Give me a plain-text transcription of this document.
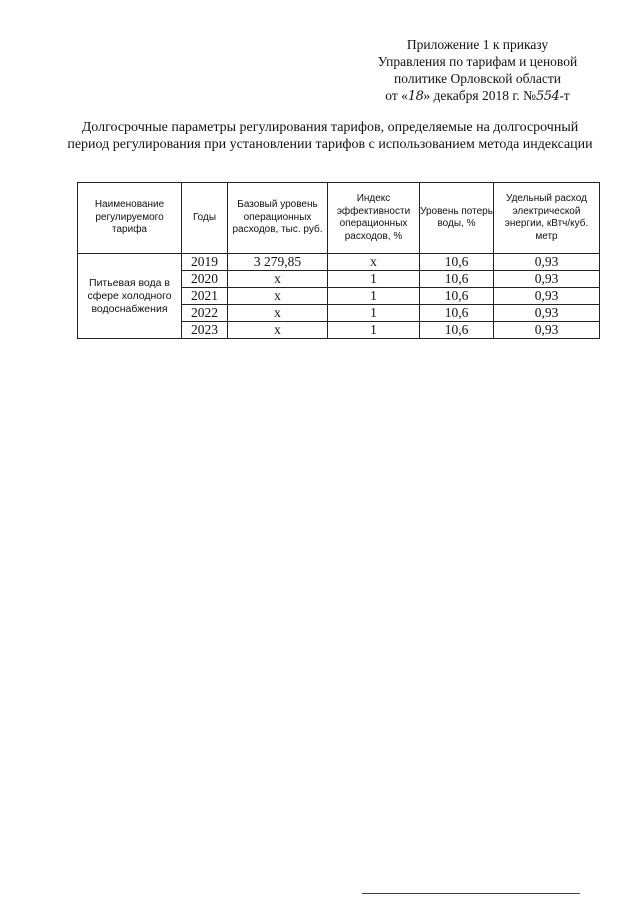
Приложение 1 к приказу
Управления по тарифам и ценовой
политике Орловской области
от «18» декабря 2018 г. №554-т
Долгосрочные параметры регулирования тарифов, определяемые на долгосрочный период регулирования при установлении тарифов с использованием метода индексации
Наименование регулируемого тарифа	Годы	Базовый уровень операционных расходов, тыс. руб.	Индекс эффективности операционных расходов, %	Уровень потерь воды, %	Удельный расход электрической энергии, кВтч/куб. метр
Питьевая вода в сфере холодного водоснабжения	2019	3 279,85	х	10,6	0,93
	2020	х	1	10,6	0,93
	2021	х	1	10,6	0,93
	2022	х	1	10,6	0,93
	2023	х	1	10,6	0,93
